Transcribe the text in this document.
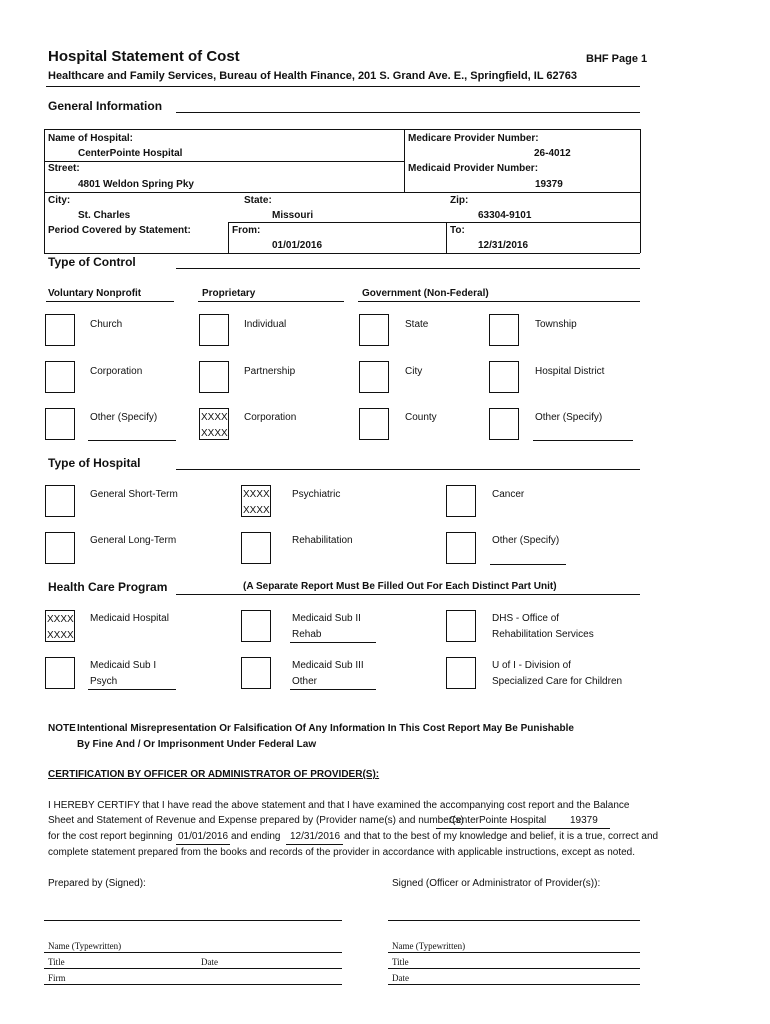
Hospital Statement of Cost	BHF Page 1
Healthcare and Family Services, Bureau of Health Finance, 201 S. Grand Ave. E., Springfield, IL 62763
General Information
Name of Hospital:
CenterPointe Hospital
Medicare Provider Number:
26-4012
Street:
4801 Weldon Spring Pky
Medicaid Provider Number:
19379
City:
St. Charles
State:
Missouri
Zip:
63304-9101
Period Covered by Statement:	From:
01/01/2016
To:
12/31/2016
Type of Control
Voluntary Nonprofit	Proprietary	Government (Non-Federal)
Church
Corporation
Other (Specify)
Individual
Partnership
XXXX
XXXX
Corporation
State
City
County
Township
Hospital District
Other (Specify)
Type of Hospital
General Short-Term
General Long-Term
XXXX
XXXX
Psychiatric
Rehabilitation
Cancer
Other (Specify)
Health Care Program	(A Separate Report Must Be Filled Out For Each Distinct Part Unit)
XXXX
XXXX
Medicaid Hospital
Medicaid Sub I
Psych
Medicaid Sub II
Rehab
Medicaid Sub III
Other
DHS - Office of
Rehabilitation Services
U of I - Division of
Specialized Care for Children
NOTE Intentional Misrepresentation Or Falsification Of Any Information In This Cost Report May Be Punishable
By Fine And / Or Imprisonment Under Federal Law
CERTIFICATION BY OFFICER OR ADMINISTRATOR OF PROVIDER(S):
I HEREBY CERTIFY that I have read the above statement and that I have examined the accompanying cost report and the Balance
Sheet and Statement of Revenue and Expense prepared by (Provider name(s) and number(s)
CenterPointe Hospital 19379
for the cost report beginning 01/01/2016 and ending 12/31/2016 and that to the best of my knowledge and belief, it is a true, correct and
complete statement prepared from the books and records of the provider in accordance with applicable instructions, except as noted.
Prepared by (Signed):	Signed (Officer or Administrator of Provider(s)):
Name (Typewritten)
Title	Date
Firm
Name (Typewritten)
Title
Date
